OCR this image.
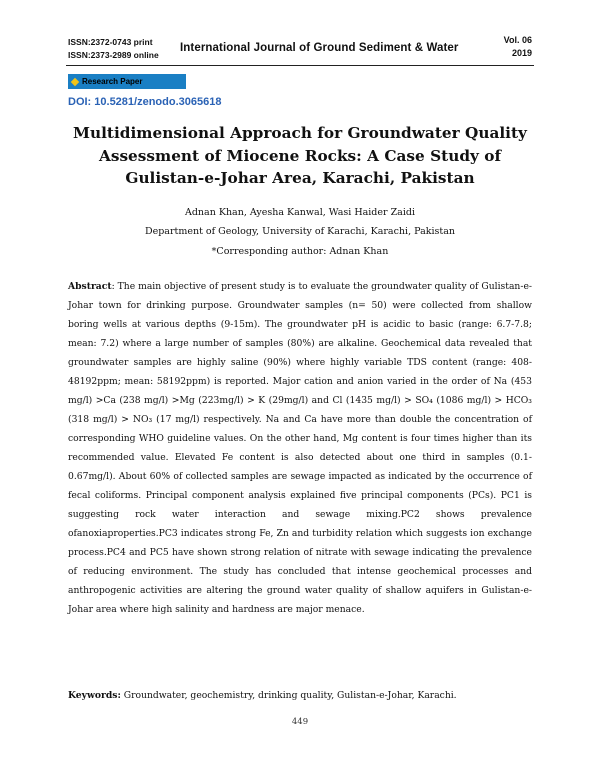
ISSN:2372-0743 print
ISSN:2373-2989 online
International Journal of Ground Sediment & Water
Vol. 06
2019
Research Paper
DOI: 10.5281/zenodo.3065618
Multidimensional Approach for Groundwater Quality Assessment of Miocene Rocks: A Case Study of Gulistan-e-Johar Area, Karachi, Pakistan
Adnan Khan, Ayesha Kanwal, Wasi Haider Zaidi
Department of Geology, University of Karachi, Karachi, Pakistan
*Corresponding author: Adnan Khan

Abstract: The main objective of present study is to evaluate the groundwater quality of Gulistan-e-Johar town for drinking purpose. Groundwater samples (n= 50) were collected from shallow boring wells at various depths (9-15m). The groundwater pH is acidic to basic (range: 6.7-7.8; mean: 7.2) where a large number of samples (80%) are alkaline. Geochemical data revealed that groundwater samples are highly saline (90%) where highly variable TDS content (range: 408-48192ppm; mean: 58192ppm) is reported. Major cation and anion varied in the order of Na (453 mg/l) >Ca (238 mg/l) >Mg (223mg/l) > K (29mg/l) and Cl (1435 mg/l) > SO₄ (1086 mg/l) > HCO₃ (318 mg/l) > NO₃ (17 mg/l) respectively. Na and Ca have more than double the concentration of corresponding WHO guideline values. On the other hand, Mg content is four times higher than its recommended value. Elevated Fe content is also detected about one third in samples (0.1-0.67mg/l). About 60% of collected samples are sewage impacted as indicated by the occurrence of fecal coliforms. Principal component analysis explained five principal components (PCs). PC1 is suggesting rock water interaction and sewage mixing.PC2 shows prevalence ofanoxiaproperties.PC3 indicates strong Fe, Zn and turbidity relation which suggests ion exchange process.PC4 and PC5 have shown strong relation of nitrate with sewage indicating the prevalence of reducing environment. The study has concluded that intense geochemical processes and anthropogenic activities are altering the ground water quality of shallow aquifers in Gulistan-e-Johar area where high salinity and hardness are major menace.

Keywords: Groundwater, geochemistry, drinking quality, Gulistan-e-Johar, Karachi.
449
